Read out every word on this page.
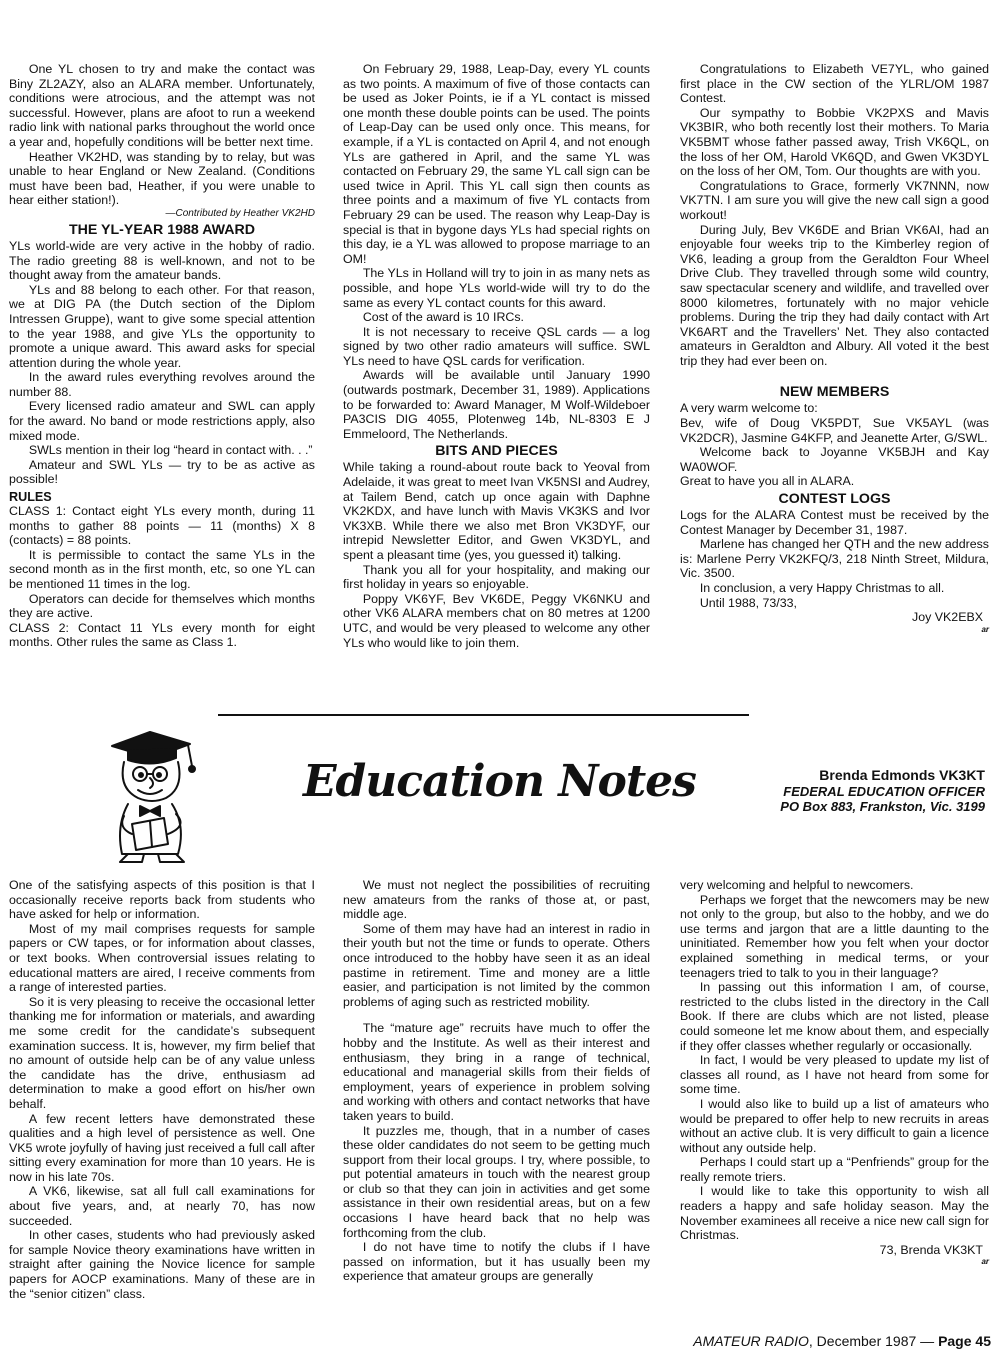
One YL chosen to try and make the contact was Biny ZL2AZY, also an ALARA member. Unfortunately, conditions were atrocious, and the attempt was not successful. However, plans are afoot to run a weekend radio link with national parks throughout the world once a year and, hopefully conditions will be better next time.

Heather VK2HD, was standing by to relay, but was unable to hear England or New Zealand. (Conditions must have been bad, Heather, if you were unable to hear either station!).

—Contributed by Heather VK2HD

THE YL-YEAR 1988 AWARD

YLs world-wide are very active in the hobby of radio. The radio greeting 88 is well-known, and not to be thought away from the amateur bands.

YLs and 88 belong to each other. For that reason, we at DIG PA (the Dutch section of the Diplom Intressen Gruppe), want to give some special attention to the year 1988, and give YLs the opportunity to promote a unique award. This award asks for special attention during the whole year.

In the award rules everything revolves around the number 88.

Every licensed radio amateur and SWL can apply for the award. No band or mode restrictions apply, also mixed mode.

SWLs mention in their log “heard in contact with. . .”

Amateur and SWL YLs — try to be as active as possible!

RULES

CLASS 1: Contact eight YLs every month, during 11 months to gather 88 points — 11 (months) X 8 (contacts) = 88 points.

It is permissible to contact the same YLs in the second month as in the first month, etc, so one YL can be mentioned 11 times in the log.

Operators can decide for themselves which months they are active.

CLASS 2: Contact 11 YLs every month for eight months. Other rules the same as Class 1.

On February 29, 1988, Leap-Day, every YL counts as two points. A maximum of five of those contacts can be used as Joker Points, ie if a YL contact is missed one month these double points can be used. The points of Leap-Day can be used only once. This means, for example, if a YL is contacted on April 4, and not enough YLs are gathered in April, and the same YL was contacted on February 29, the same YL call sign can be used twice in April. This YL call sign then counts as three points and a maximum of five YL contacts from February 29 can be used. The reason why Leap-Day is special is that in bygone days YLs had special rights on this day, ie a YL was allowed to propose marriage to an OM!

The YLs in Holland will try to join in as many nets as possible, and hope YLs world-wide will try to do the same as every YL contact counts for this award.

Cost of the award is 10 IRCs.

It is not necessary to receive QSL cards — a log signed by two other radio amateurs will suffice. SWL YLs need to have QSL cards for verification.

Awards will be available until January 1990 (outwards postmark, December 31, 1989). Applications to be forwarded to: Award Manager, M Wolf-Wildeboer PA3CIS DIG 4055, Plotenweg 14b, NL-8303 E J Emmeloord, The Netherlands.

BITS AND PIECES

While taking a round-about route back to Yeoval from Adelaide, it was great to meet Ivan VK5NSI and Audrey, at Tailem Bend, catch up once again with Daphne VK2KDX, and have lunch with Mavis VK3KS and Ivor VK3XB. While there we also met Bron VK3DYF, our intrepid Newsletter Editor, and Gwen VK3DYL, and spent a pleasant time (yes, you guessed it) talking.

Thank you all for your hospitality, and making our first holiday in years so enjoyable.

Poppy VK6YF, Bev VK6DE, Peggy VK6NKU and other VK6 ALARA members chat on 80 metres at 1200 UTC, and would be very pleased to welcome any other YLs who would like to join them.

Congratulations to Elizabeth VE7YL, who gained first place in the CW section of the YLRL/OM 1987 Contest.

Our sympathy to Bobbie VK2PXS and Mavis VK3BIR, who both recently lost their mothers. To Maria VK5BMT whose father passed away, Trish VK6QL, on the loss of her OM, Harold VK6QD, and Gwen VK3DYL on the loss of her OM, Tom. Our thoughts are with you.

Congratulations to Grace, formerly VK7NNN, now VK7TN. I am sure you will give the new call sign a good workout!

During July, Bev VK6DE and Brian VK6AI, had an enjoyable four weeks trip to the Kimberley region of VK6, leading a group from the Geraldton Four Wheel Drive Club. They travelled through some wild country, saw spectacular scenery and wildlife, and travelled over 8000 kilometres, fortunately with no major vehicle problems. During the trip they had daily contact with Art VK6ART and the Travellers’ Net. They also contacted amateurs in Geraldton and Albury. All voted it the best trip they had ever been on.

NEW MEMBERS

A very warm welcome to:

Bev, wife of Doug VK5PDT, Sue VK5AYL (was VK2DCR), Jasmine G4KFP, and Jeanette Arter, G/SWL.

Welcome back to Joyanne VK5BJH and Kay WA0WOF.

Great to have you all in ALARA.

CONTEST LOGS

Logs for the ALARA Contest must be received by the Contest Manager by December 31, 1987.

Marlene has changed her QTH and the new address is: Marlene Perry VK2KFQ/3, 218 Ninth Street, Mildura, Vic. 3500.

In conclusion, a very Happy Christmas to all.

Until 1988, 73/33,

Joy VK2EBX

ar

Education Notes	Brenda Edmonds VK3KT
FEDERAL EDUCATION OFFICER
PO Box 883, Frankston, Vic. 3199

One of the satisfying aspects of this position is that I occasionally receive reports back from students who have asked for help or information.

Most of my mail comprises requests for sample papers or CW tapes, or for information about classes, or text books. When controversial issues relating to educational matters are aired, I receive comments from a range of interested parties.

So it is very pleasing to receive the occasional letter thanking me for information or materials, and awarding me some credit for the candidate’s subsequent examination success. It is, however, my firm belief that no amount of outside help can be of any value unless the candidate has the drive, enthusiasm ad determination to make a good effort on his/her own behalf.

A few recent letters have demonstrated these qualities and a high level of persistence as well. One VK5 wrote joyfully of having just received a full call after sitting every examination for more than 10 years. He is now in his late 70s.

A VK6, likewise, sat all full call examinations for about five years, and, at nearly 70, has now succeeded.

In other cases, students who had previously asked for sample Novice theory examinations have written in straight after gaining the Novice licence for sample papers for AOCP examinations. Many of these are in the “senior citizen” class.

We must not neglect the possibilities of recruiting new amateurs from the ranks of those at, or past, middle age.

Some of them may have had an interest in radio in their youth but not the time or funds to operate. Others once introduced to the hobby have seen it as an ideal pastime in retirement. Time and money are a little easier, and participation is not limited by the common problems of aging such as restricted mobility.

The “mature age” recruits have much to offer the hobby and the Institute. As well as their interest and enthusiasm, they bring in a range of technical, educational and managerial skills from their fields of employment, years of experience in problem solving and working with others and contact networks that have taken years to build.

It puzzles me, though, that in a number of cases these older candidates do not seem to be getting much support from their local groups. I try, where possible, to put potential amateurs in touch with the nearest group or club so that they can join in activities and get some assistance in their own residential areas, but on a few occasions I have heard back that no help was forthcoming from the club.

I do not have time to notify the clubs if I have passed on information, but it has usually been my experience that amateur groups are generally

very welcoming and helpful to newcomers.

Perhaps we forget that the newcomers may be new not only to the group, but also to the hobby, and we do use terms and jargon that are a little daunting to the uninitiated. Remember how you felt when your doctor explained something in medical terms, or your teenagers tried to talk to you in their language?

In passing out this information I am, of course, restricted to the clubs listed in the directory in the Call Book. If there are clubs which are not listed, please could someone let me know about them, and especially if they offer classes whether regularly or occasionally.

In fact, I would be very pleased to update my list of classes all round, as I have not heard from some for some time.

I would also like to build up a list of amateurs who would be prepared to offer help to new recruits in areas without an active club. It is very difficult to gain a licence without any outside help.

Perhaps I could start up a “Penfriends” group for the really remote triers.

I would like to take this opportunity to wish all readers a happy and safe holiday season. May the November examinees all receive a nice new call sign for Christmas.

73, Brenda VK3KT

ar

AMATEUR RADIO, December 1987 — Page 45
